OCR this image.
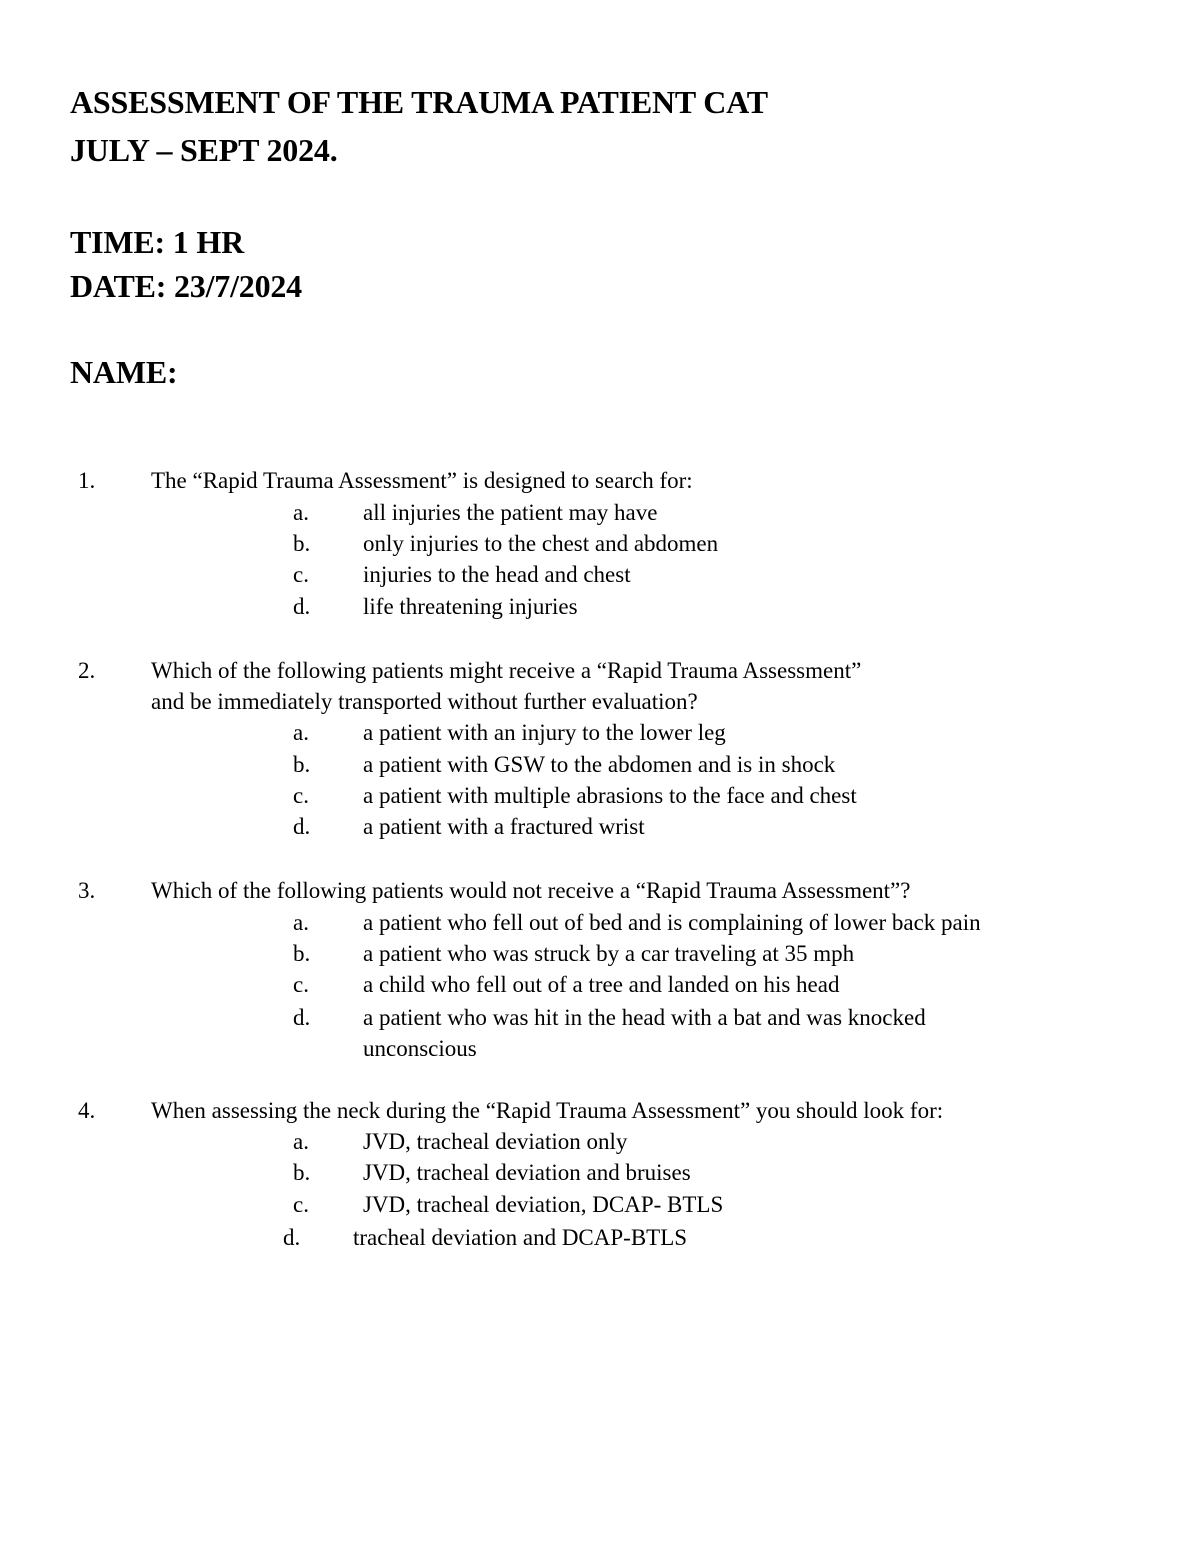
ASSESSMENT OF THE TRAUMA PATIENT CAT
JULY – SEPT 2024.
TIME: 1 HR
DATE: 23/7/2024
NAME:
1. The “Rapid Trauma Assessment” is designed to search for:
a. all injuries the patient may have
b. only injuries to the chest and abdomen
c. injuries to the head and chest
d. life threatening injuries
2. Which of the following patients might receive a “Rapid Trauma Assessment”
and be immediately transported without further evaluation?
a. a patient with an injury to the lower leg
b. a patient with GSW to the abdomen and is in shock
c. a patient with multiple abrasions to the face and chest
d. a patient with a fractured wrist
3. Which of the following patients would not receive a “Rapid Trauma Assessment”?
a. a patient who fell out of bed and is complaining of lower back pain
b. a patient who was struck by a car traveling at 35 mph
c. a child who fell out of a tree and landed on his head
d. a patient who was hit in the head with a bat and was knocked
unconscious
4. When assessing the neck during the “Rapid Trauma Assessment” you should look for:
a. JVD, tracheal deviation only
b. JVD, tracheal deviation and bruises
c. JVD, tracheal deviation, DCAP- BTLS
d. tracheal deviation and DCAP-BTLS
